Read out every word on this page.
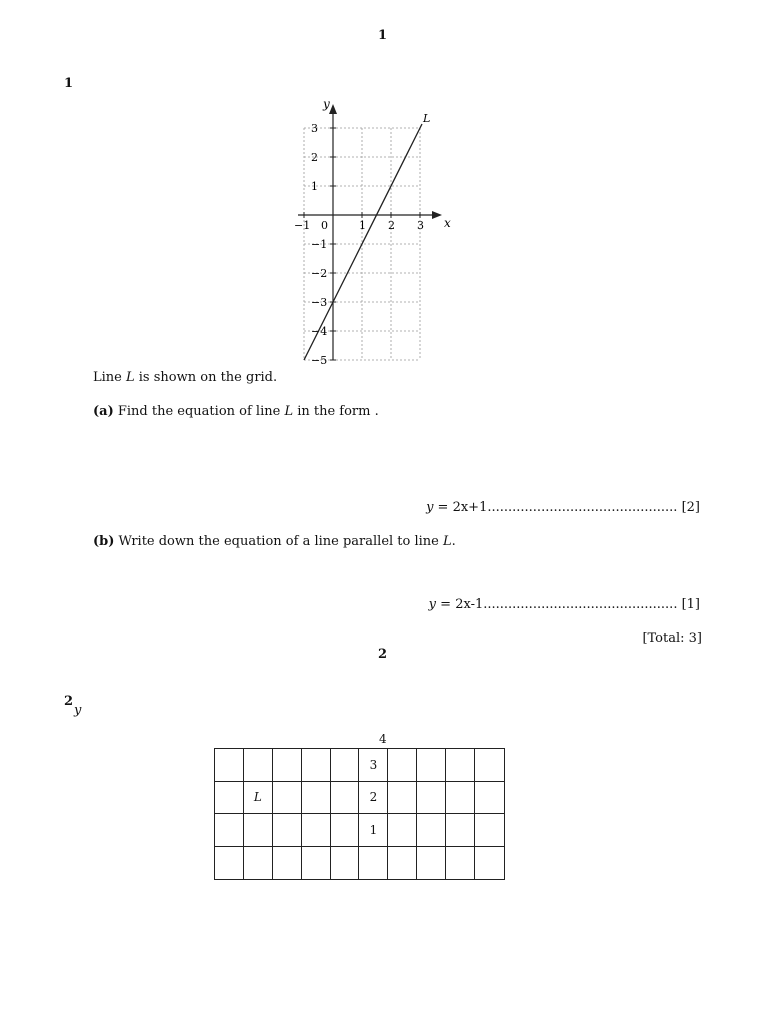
1
1
−1	1 2 3
3
2
1
−1
−2
−3
−4
−5
y
x
L
0
Line L is shown on the grid.
(a) Find the equation of line L in the form .
y = 2x+1.............................................. [2]
(b) Write down the equation of a line parallel to line L.
y = 2x-1............................................... [1]
[Total: 3]
2
2
y
4
3
L	2
1
